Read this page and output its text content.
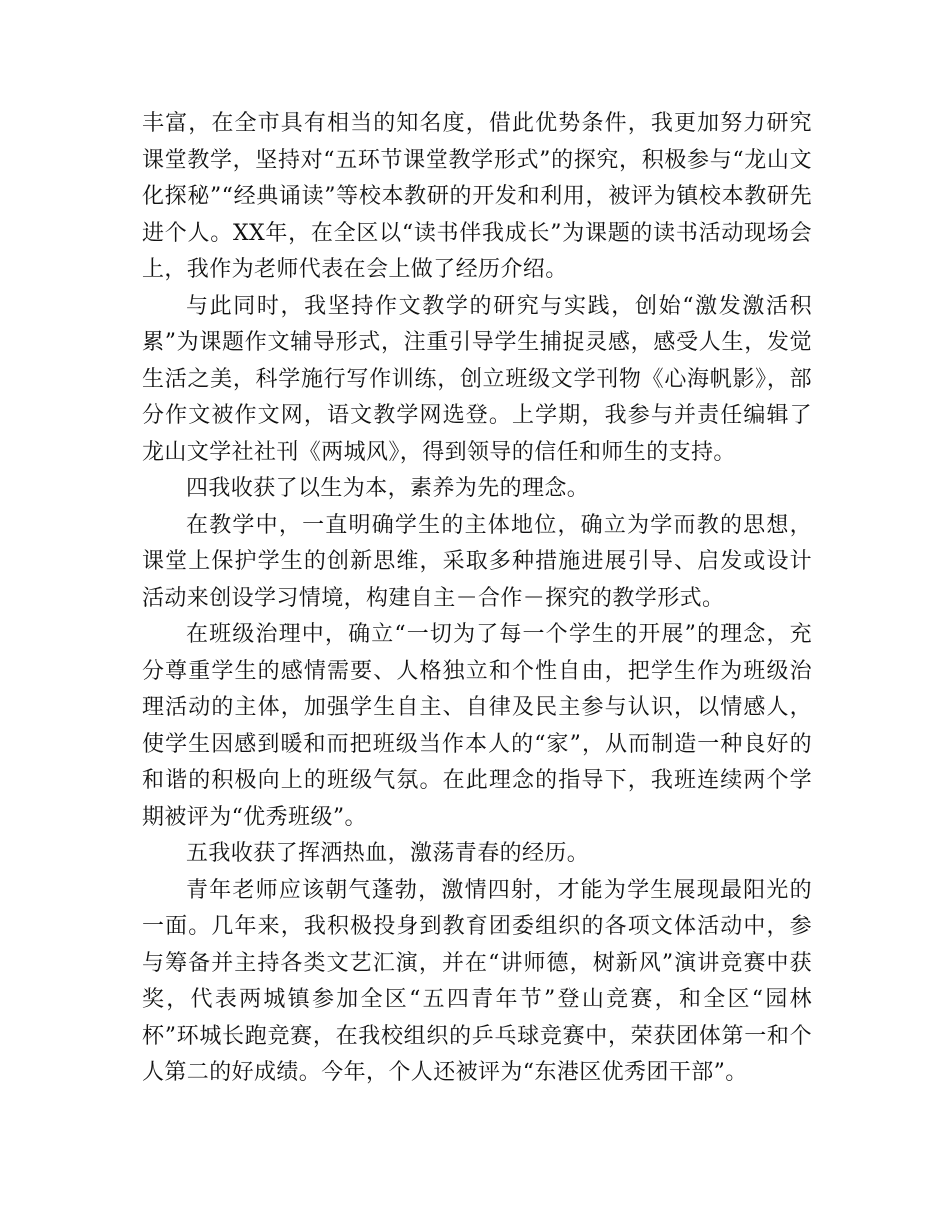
丰富，在全市具有相当的知名度，借此优势条件，我更加努力研究课堂教学，坚持对“五环节课堂教学形式”的探究，积极参与“龙山文化探秘”“经典诵读”等校本教研的开发和利用，被评为镇校本教研先进个人。XX年，在全区以“读书伴我成长”为课题的读书活动现场会上，我作为老师代表在会上做了经历介绍。

与此同时，我坚持作文教学的研究与实践，创始“激发激活积累”为课题作文辅导形式，注重引导学生捕捉灵感，感受人生，发觉生活之美，科学施行写作训练，创立班级文学刊物《心海帆影》，部分作文被作文网，语文教学网选登。上学期，我参与并责任编辑了龙山文学社社刊《两城风》，得到领导的信任和师生的支持。

四我收获了以生为本，素养为先的理念。

在教学中，一直明确学生的主体地位，确立为学而教的思想，课堂上保护学生的创新思维，采取多种措施进展引导、启发或设计活动来创设学习情境，构建自主－合作－探究的教学形式。

在班级治理中，确立“一切为了每一个学生的开展”的理念，充分尊重学生的感情需要、人格独立和个性自由，把学生作为班级治理活动的主体，加强学生自主、自律及民主参与认识，以情感人，使学生因感到暖和而把班级当作本人的“家”，从而制造一种良好的和谐的积极向上的班级气氛。在此理念的指导下，我班连续两个学期被评为“优秀班级”。

五我收获了挥洒热血，激荡青春的经历。

青年老师应该朝气蓬勃，激情四射，才能为学生展现最阳光的一面。几年来，我积极投身到教育团委组织的各项文体活动中，参与筹备并主持各类文艺汇演，并在“讲师德，树新风”演讲竞赛中获奖，代表两城镇参加全区“五四青年节”登山竞赛，和全区“园林杯”环城长跑竞赛，在我校组织的乒乓球竞赛中，荣获团体第一和个人第二的好成绩。今年，个人还被评为“东港区优秀团干部”。
